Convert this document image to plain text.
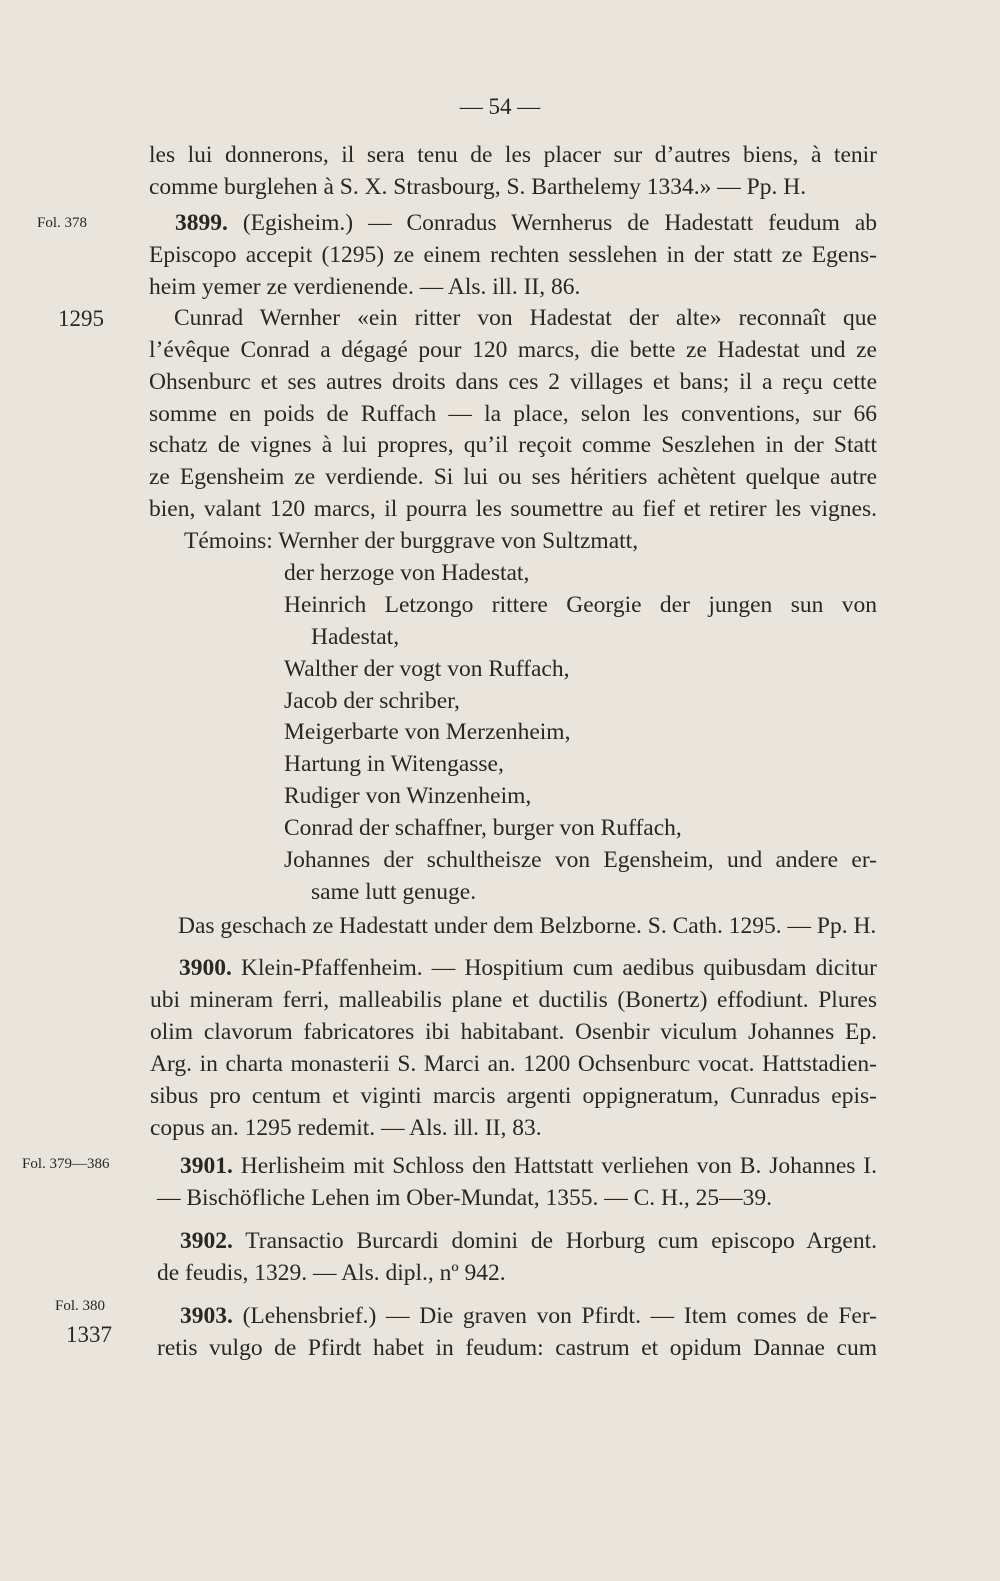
— 54 —
Fol. 378
1295
Fol. 379—386
Fol. 380
1337
les lui donnerons, il sera tenu de les placer sur d’autres biens, à tenir
comme burglehen à S. X. Strasbourg, S. Barthelemy 1334.» — Pp. H.
3899. (Egisheim.) — Conradus Wernherus de Hadestatt feudum ab
Episcopo accepit (1295) ze einem rechten sesslehen in der statt ze Egens-
heim yemer ze verdienende. — Als. ill. II, 86.
Cunrad Wernher «ein ritter von Hadestat der alte» reconnaît que
l’évêque Conrad a dégagé pour 120 marcs, die bette ze Hadestat und ze
Ohsenburc et ses autres droits dans ces 2 villages et bans; il a reçu cette
somme en poids de Ruffach — la place, selon les conventions, sur 66
schatz de vignes à lui propres, qu’il reçoit comme Seszlehen in der Statt
ze Egensheim ze verdiende. Si lui ou ses héritiers achètent quelque autre
bien, valant 120 marcs, il pourra les soumettre au fief et retirer les vignes.
Témoins: Wernher der burggrave von Sultzmatt,
der herzoge von Hadestat,
Heinrich Letzongo rittere Georgie der jungen sun von
Hadestat,
Walther der vogt von Ruffach,
Jacob der schriber,
Meigerbarte von Merzenheim,
Hartung in Witengasse,
Rudiger von Winzenheim,
Conrad der schaffner, burger von Ruffach,
Johannes der schultheisze von Egensheim, und andere er-
same lutt genuge.
Das geschach ze Hadestatt under dem Belzborne. S. Cath. 1295. — Pp. H.
3900. Klein-Pfaffenheim. — Hospitium cum aedibus quibusdam dicitur
ubi mineram ferri, malleabilis plane et ductilis (Bonertz) effodiunt. Plures
olim clavorum fabricatores ibi habitabant. Osenbir viculum Johannes Ep.
Arg. in charta monasterii S. Marci an. 1200 Ochsenburc vocat. Hattstadien-
sibus pro centum et viginti marcis argenti oppigneratum, Cunradus epis-
copus an. 1295 redemit. — Als. ill. II, 83.
3901. Herlisheim mit Schloss den Hattstatt verliehen von B. Johannes I.
— Bischöfliche Lehen im Ober-Mundat, 1355. — C. H., 25—39.
3902. Transactio Burcardi domini de Horburg cum episcopo Argent.
de feudis, 1329. — Als. dipl., nº 942.
3903. (Lehensbrief.) — Die graven von Pfirdt. — Item comes de Fer-
retis vulgo de Pfirdt habet in feudum: castrum et opidum Dannae cum
